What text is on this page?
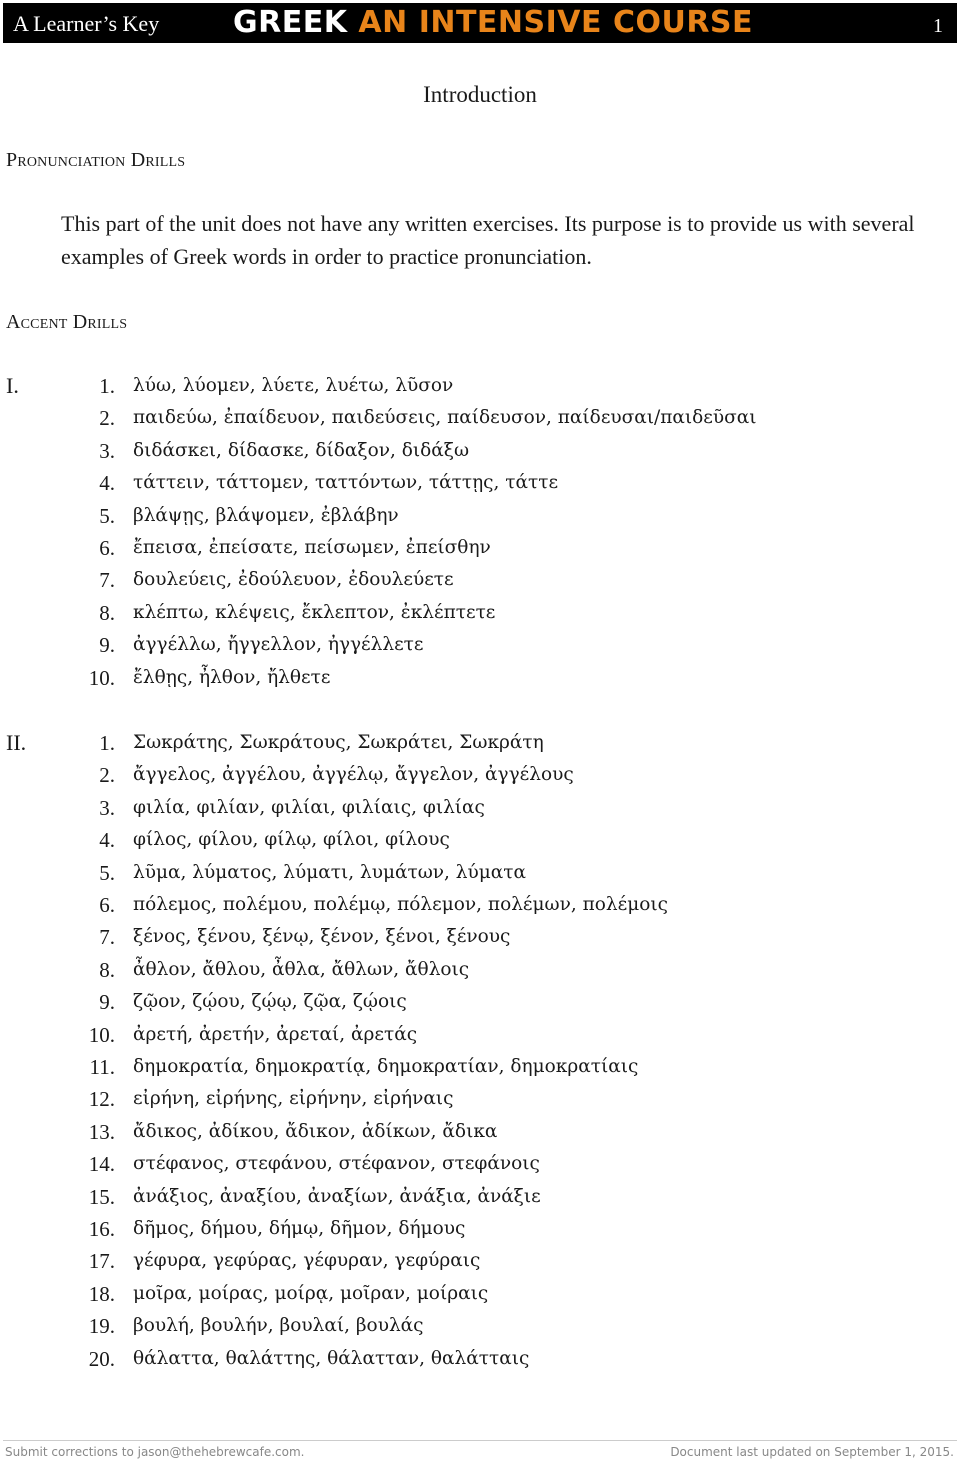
A Learner’s Key GREEK AN INTENSIVE COURSE	1
Introduction
Pronunciation Drills
This part of the unit does not have any written exercises. Its purpose is to provide us with several examples of Greek words in order to practice pronunciation.
Accent Drills
I.
II.
1. λύω, λύομεν, λύετε, λυέτω, λῦσον
2. παιδεύω, ἐπαίδευον, παιδεύσεις, παίδευσον, παίδευσαι/παιδεῦσαι
3. διδάσκει, δίδασκε, δίδαξον, διδάξω
4. τάττειν, τάττομεν, ταττόντων, τάττῃς, τάττε
5. βλάψῃς, βλάψομεν, ἐβλάβην
6. ἔπεισα, ἐπείσατε, πείσωμεν, ἐπείσθην
7. δουλεύεις, ἐδούλευον, ἐδουλεύετε
8. κλέπτω, κλέψεις, ἔκλεπτον, ἐκλέπτετε
9. ἀγγέλλω, ἤγγελλον, ἠγγέλλετε
10. ἔλθῃς, ἦλθον, ἤλθετε
1. Σωκράτης, Σωκράτους, Σωκράτει, Σωκράτη
2. ἄγγελος, ἀγγέλου, ἀγγέλῳ, ἄγγελον, ἀγγέλους
3. φιλία, φιλίαν, φιλίαι, φιλίαις, φιλίας
4. φίλος, φίλου, φίλῳ, φίλοι, φίλους
5. λῦμα, λύματος, λύματι, λυμάτων, λύματα
6. πόλεμος, πολέμου, πολέμῳ, πόλεμον, πολέμων, πολέμοις
7. ξένος, ξένου, ξένῳ, ξένον, ξένοι, ξένους
8. ἆθλον, ἄθλου, ἆθλα, ἄθλων, ἄθλοις
9. ζῷον, ζῴου, ζῴῳ, ζῷα, ζῴοις
10. ἀρετή, ἀρετήν, ἀρεταί, ἀρετάς
11. δημοκρατία, δημοκρατίᾳ, δημοκρατίαν, δημοκρατίαις
12. εἰρήνη, εἰρήνης, εἰρήνην, εἰρήναις
13. ἄδικος, ἀδίκου, ἄδικον, ἀδίκων, ἄδικα
14. στέφανος, στεφάνου, στέφανον, στεφάνοις
15. ἀνάξιος, ἀναξίου, ἀναξίων, ἀνάξια, ἀνάξιε
16. δῆμος, δήμου, δήμῳ, δῆμον, δήμους
17. γέφυρα, γεφύρας, γέφυραν, γεφύραις
18. μοῖρα, μοίρας, μοίρᾳ, μοῖραν, μοίραις
19. βουλή, βουλήν, βουλαί, βουλάς
20. θάλαττα, θαλάττης, θάλατταν, θαλάτταις
Submit corrections to jason@thehebrewcafe.com.	Document last updated on September 1, 2015.
